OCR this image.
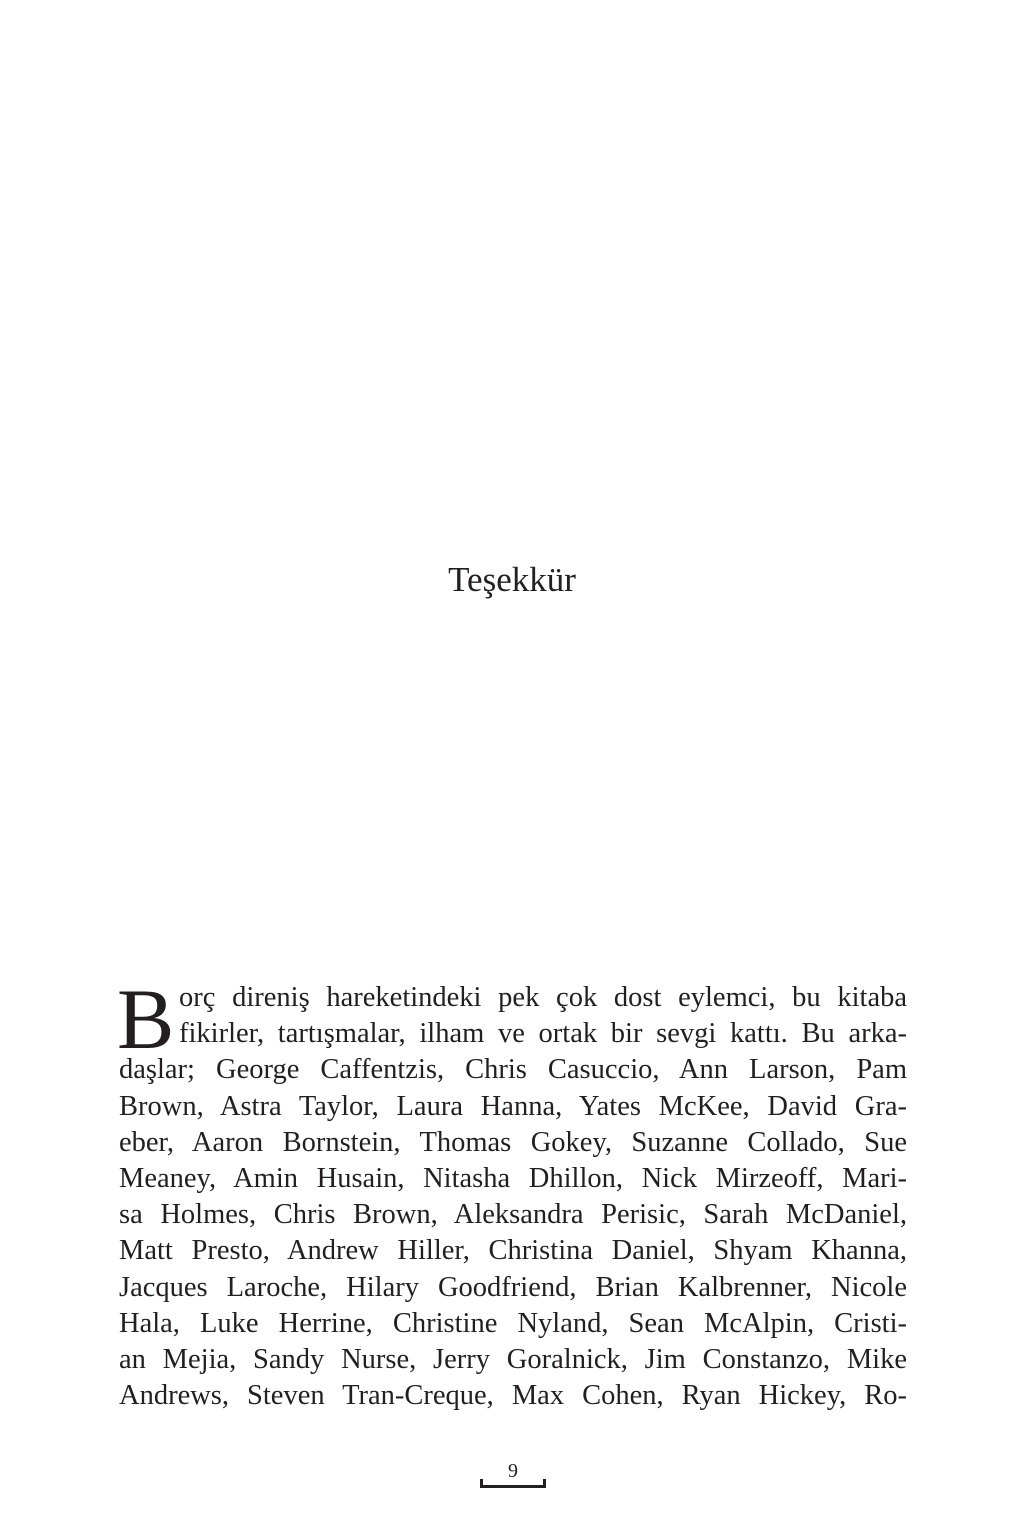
Teşekkür
B orç direniş hareketindeki pek çok dost eylemci, bu kitaba
fikirler, tartışmalar, ilham ve ortak bir sevgi kattı. Bu arka-
daşlar; George Caffentzis, Chris Casuccio, Ann Larson, Pam
Brown, Astra Taylor, Laura Hanna, Yates McKee, David Gra-
eber, Aaron Bornstein, Thomas Gokey, Suzanne Collado, Sue
Meaney, Amin Husain, Nitasha Dhillon, Nick Mirzeoff, Mari-
sa Holmes, Chris Brown, Aleksandra Perisic, Sarah McDaniel,
Matt Presto, Andrew Hiller, Christina Daniel, Shyam Khanna,
Jacques Laroche, Hilary Goodfriend, Brian Kalbrenner, Nicole
Hala, Luke Herrine, Christine Nyland, Sean McAlpin, Cristi-
an Mejia, Sandy Nurse, Jerry Goralnick, Jim Constanzo, Mike
Andrews, Steven Tran-Creque, Max Cohen, Ryan Hickey, Ro-
9
